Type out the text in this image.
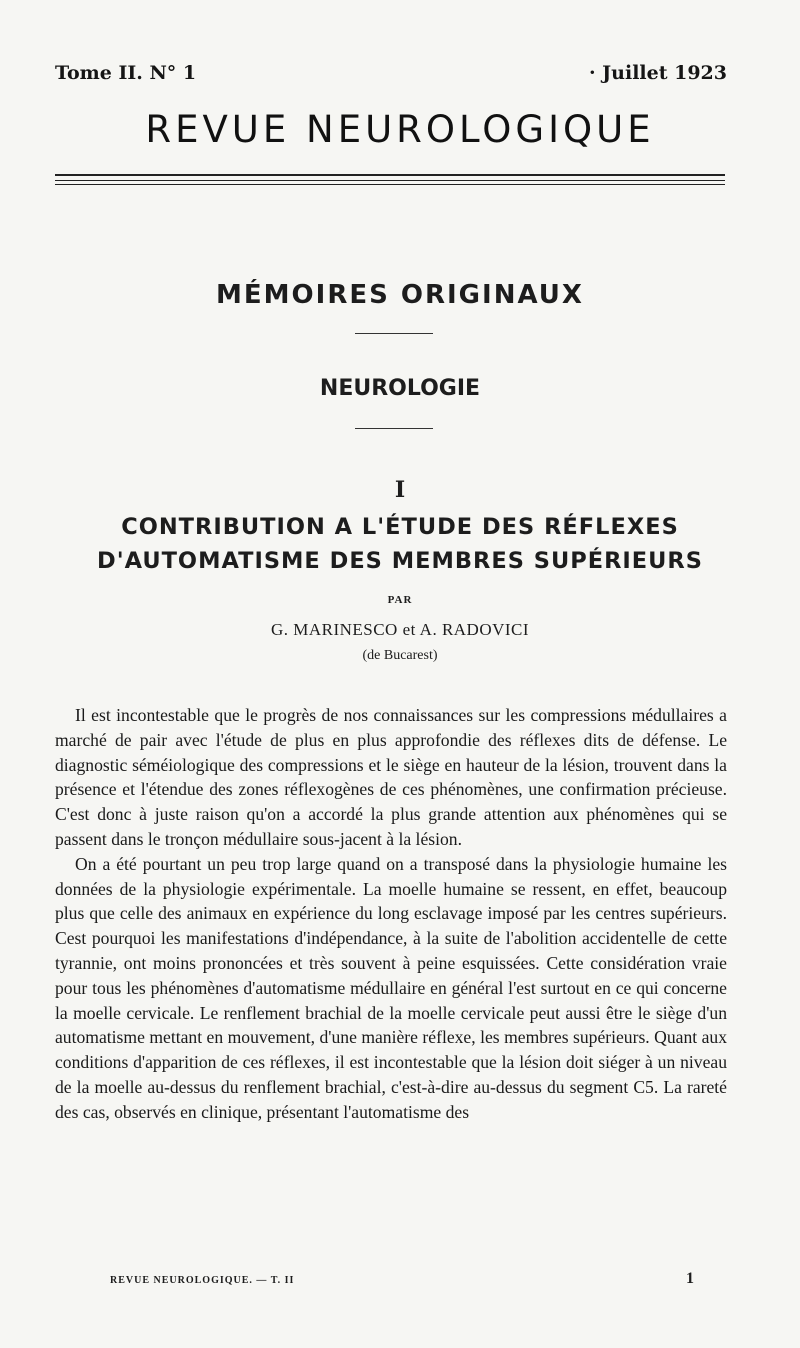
Tome II. N° 1	· Juillet 1923
REVUE NEUROLOGIQUE
MÉMOIRES ORIGINAUX
NEUROLOGIE
I
CONTRIBUTION A L'ÉTUDE DES RÉFLEXES
D'AUTOMATISME DES MEMBRES SUPÉRIEURS
PAR
G. MARINESCO et A. RADOVICI
(de Bucarest)

Il est incontestable que le progrès de nos connaissances sur les compressions médullaires a marché de pair avec l'étude de plus en plus approfondie des réflexes dits de défense. Le diagnostic séméiologique des compressions et le siège en hauteur de la lésion, trouvent dans la présence et l'étendue des zones réflexogènes de ces phénomènes, une confirmation précieuse. C'est donc à juste raison qu'on a accordé la plus grande attention aux phénomènes qui se passent dans le tronçon médullaire sous-jacent à la lésion.

On a été pourtant un peu trop large quand on a transposé dans la physiologie humaine les données de la physiologie expérimentale. La moelle humaine se ressent, en effet, beaucoup plus que celle des animaux en expérience du long esclavage imposé par les centres supérieurs. Cest pourquoi les manifestations d'indépendance, à la suite de l'abolition accidentelle de cette tyrannie, ont moins prononcées et très souvent à peine esquissées. Cette considération vraie pour tous les phénomènes d'automatisme médullaire en général l'est surtout en ce qui concerne la moelle cervicale. Le renflement brachial de la moelle cervicale peut aussi être le siège d'un automatisme mettant en mouvement, d'une manière réflexe, les membres supérieurs. Quant aux conditions d'apparition de ces réflexes, il est incontestable que la lésion doit siéger à un niveau de la moelle au-dessus du renflement brachial, c'est-à-dire au-dessus du segment C5. La rareté des cas, observés en clinique, présentant l'automatisme des

REVUE NEUROLOGIQUE. — T. II	1
